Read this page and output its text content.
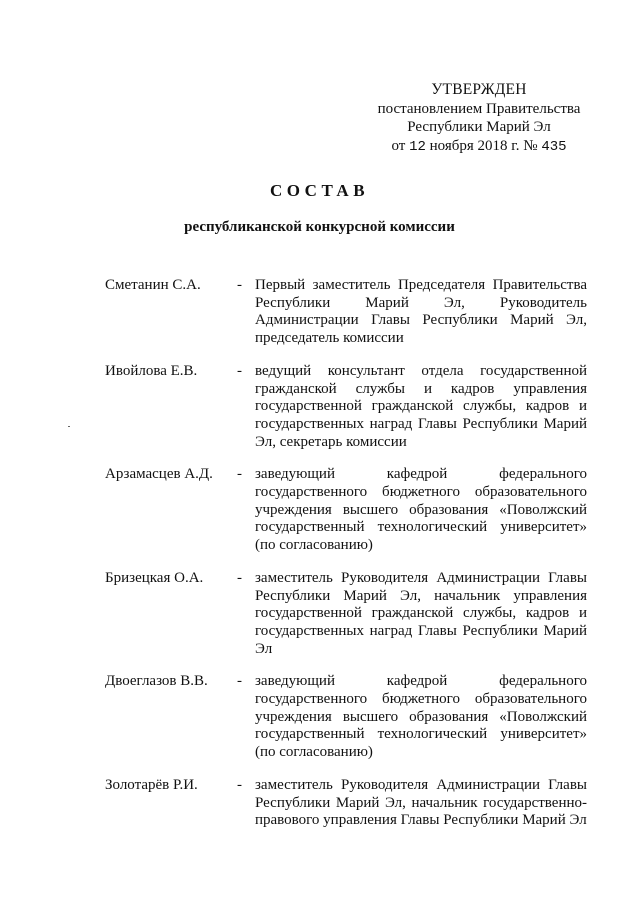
УТВЕРЖДЕН
постановлением Правительства
Республики Марий Эл
от 12 ноября 2018 г. № 435
СОСТАВ
республиканской конкурсной комиссии
Сметанин С.А.	- Первый заместитель Председателя Правительства Республики Марий Эл, Руководитель Администрации Главы Республики Марий Эл, председатель комиссии
Ивойлова Е.В.	- ведущий консультант отдела государственной гражданской службы и кадров управления государственной гражданской службы, кадров и государственных наград Главы Республики Марий Эл, секретарь комиссии
Арзамасцев А.Д.	- заведующий кафедрой федерального государственного бюджетного образовательного учреждения высшего образования «Поволжский государственный технологический университет» (по согласованию)
Бризецкая О.А.	- заместитель Руководителя Администрации Главы Республики Марий Эл, начальник управления государственной гражданской службы, кадров и государственных наград Главы Республики Марий Эл
Двоеглазов В.В.	- заведующий кафедрой федерального государственного бюджетного образовательного учреждения высшего образования «Поволжский государственный технологический университет» (по согласованию)
Золотарёв Р.И.	- заместитель Руководителя Администрации Главы Республики Марий Эл, начальник государственно-правового управления Главы Республики Марий Эл
